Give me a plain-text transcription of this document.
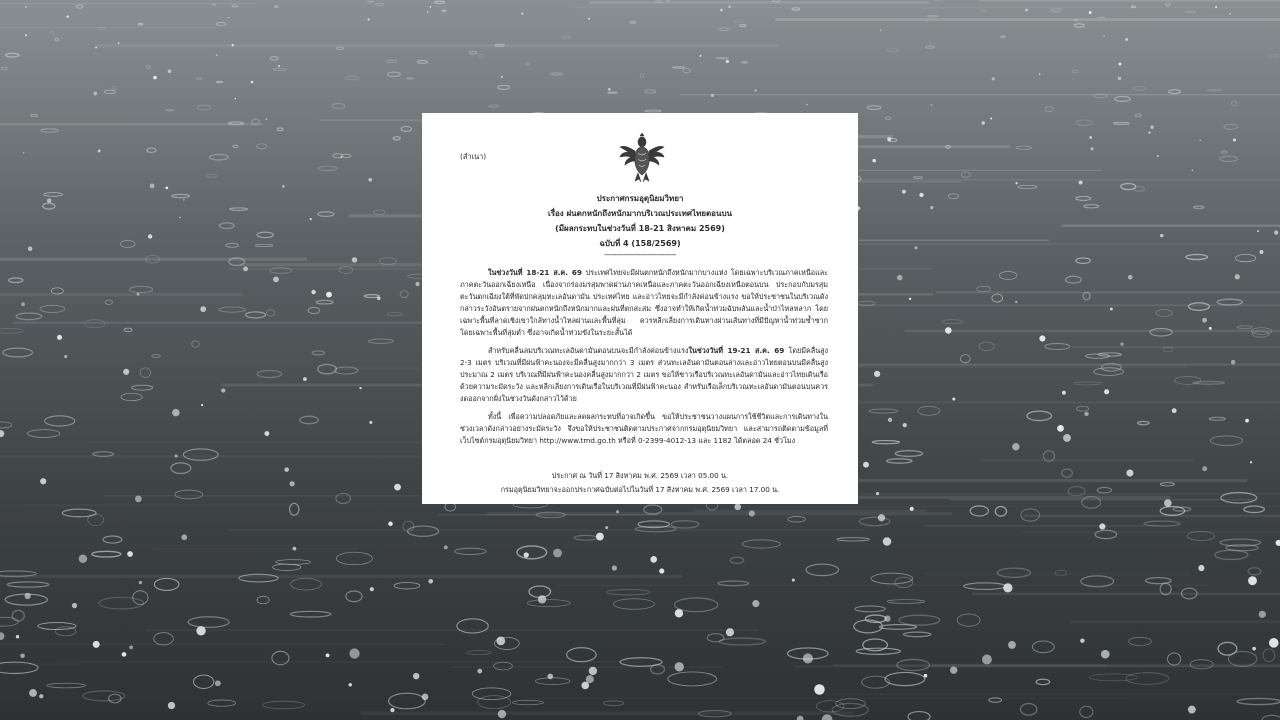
(สำเนา)
ประกาศกรมอุตุนิยมวิทยา
เรื่อง ฝนตกหนักถึงหนักมากบริเวณประเทศไทยตอนบน
(มีผลกระทบในช่วงวันที่ 18-21 สิงหาคม 2569)
ฉบับที่ 4 (158/2569)
------------------------------

ในช่วงวันที่ 18-21 ส.ค. 69 ประเทศไทยจะมีฝนตกหนักถึงหนักมากบางแห่ง โดยเฉพาะบริเวณภาคเหนือและภาคตะวันออกเฉียงเหนือ เนื่องจากร่องมรสุมพาดผ่านภาคเหนือและภาคตะวันออกเฉียงเหนือตอนบน ประกอบกับมรสุมตะวันตกเฉียงใต้ที่พัดปกคลุมทะเลอันดามัน ประเทศไทย และอ่าวไทยจะมีกำลังค่อนข้างแรง ขอให้ประชาชนในบริเวณดังกล่าวระวังอันตรายจากฝนตกหนักถึงหนักมากและฝนที่ตกสะสม ซึ่งอาจทำให้เกิดน้ำท่วมฉับพลันและน้ำป่าไหลหลาก โดยเฉพาะพื้นที่ลาดเชิงเขาใกล้ทางน้ำไหลผ่านและพื้นที่ลุ่ม ควรหลีกเลี่ยงการเดินทางผ่านเส้นทางที่มีปัญหาน้ำท่วมซ้ำซาก โดยเฉพาะพื้นที่ลุ่มต่ำ ซึ่งอาจเกิดน้ำท่วมขังในระยะสั้นได้

สำหรับคลื่นลมบริเวณทะเลอันดามันตอนบนจะมีกำลังค่อนข้างแรงในช่วงวันที่ 19-21 ส.ค. 69 โดยมีคลื่นสูง 2-3 เมตร บริเวณที่มีฝนฟ้าคะนองจะมีคลื่นสูงมากกว่า 3 เมตร ส่วนทะเลอันดามันตอนล่างและอ่าวไทยตอนบนมีคลื่นสูงประมาณ 2 เมตร บริเวณที่มีฝนฟ้าคะนองคลื่นสูงมากกว่า 2 เมตร ขอให้ชาวเรือบริเวณทะเลอันดามันและอ่าวไทยเดินเรือด้วยความระมัดระวัง และหลีกเลี่ยงการเดินเรือในบริเวณที่มีฝนฟ้าคะนอง สำหรับเรือเล็กบริเวณทะเลอันดามันตอนบนควรงดออกจากฝั่งในช่วงวันดังกล่าวไว้ด้วย

ทั้งนี้ เพื่อความปลอดภัยและลดผลกระทบที่อาจเกิดขึ้น ขอให้ประชาชนวางแผนการใช้ชีวิตและการเดินทางในช่วงเวลาดังกล่าวอย่างระมัดระวัง จึงขอให้ประชาชนติดตามประกาศจากกรมอุตุนิยมวิทยา และสามารถติดตามข้อมูลที่เว็บไซต์กรมอุตุนิยมวิทยา http://www.tmd.go.th หรือที่ 0-2399-4012-13 และ 1182 ได้ตลอด 24 ชั่วโมง

ประกาศ ณ วันที่ 17 สิงหาคม พ.ศ. 2569 เวลา 05.00 น.
กรมอุตุนิยมวิทยาจะออกประกาศฉบับต่อไปในวันที่ 17 สิงหาคม พ.ศ. 2569 เวลา 17.00 น.
